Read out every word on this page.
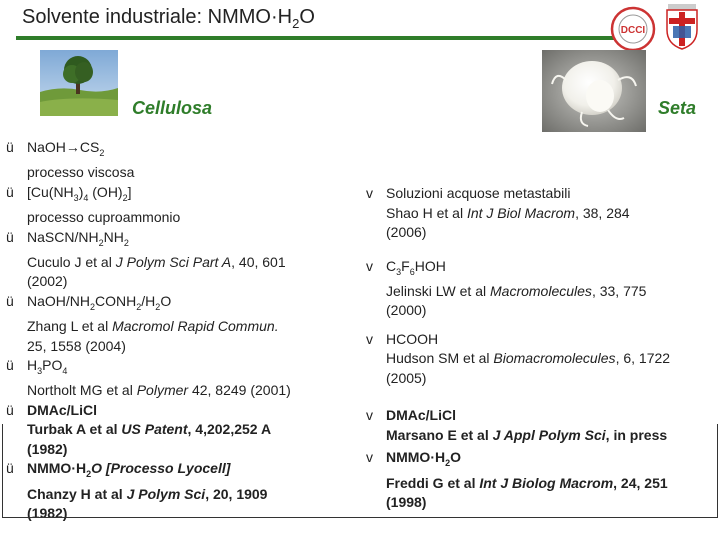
Solvente industriale: $NMMO\cdot H_2O$
DCCI
Cellulosa	Seta
ü $NaOH\to CS_2$
processo viscosa
ü [$Cu(NH_3)_4$ $(OH)_2$]
processo cuproammonio
ü NaSCN/$NH_2NH_2$
Cuculo J et al J Polym Sci Part A, 40, 601
(2002)
ü NaOH/$NH_2CONH_2/H_2O$
Zhang L et al Macromol Rapid Commun.
25, 1558 (2004)
ü $H_3PO_4$
Northolt MG et al Polymer 42, 8249 (2001)
ü DMAc/LiCl
Turbak A et al US Patent, 4,202,252 A
(1982)
ü $NMMO\cdot H_2O$ [Processo Lyocell]
Chanzy H at al J Polym Sci, 20, 1909
(1982)
v Soluzioni acquose metastabili
Shao H et al Int J Biol Macrom, 38, 284
(2006)
v $C_3F_6HOH$
Jelinski LW et al Macromolecules, 33, 775
(2000)
v HCOOH
Hudson SM et al Biomacromolecules, 6, 1722
(2005)
v DMAc/LiCl
Marsano E et al J Appl Polym Sci, in press
v $NMMO\cdot H_2O$
Freddi G et al Int J Biolog Macrom, 24, 251
(1998)
